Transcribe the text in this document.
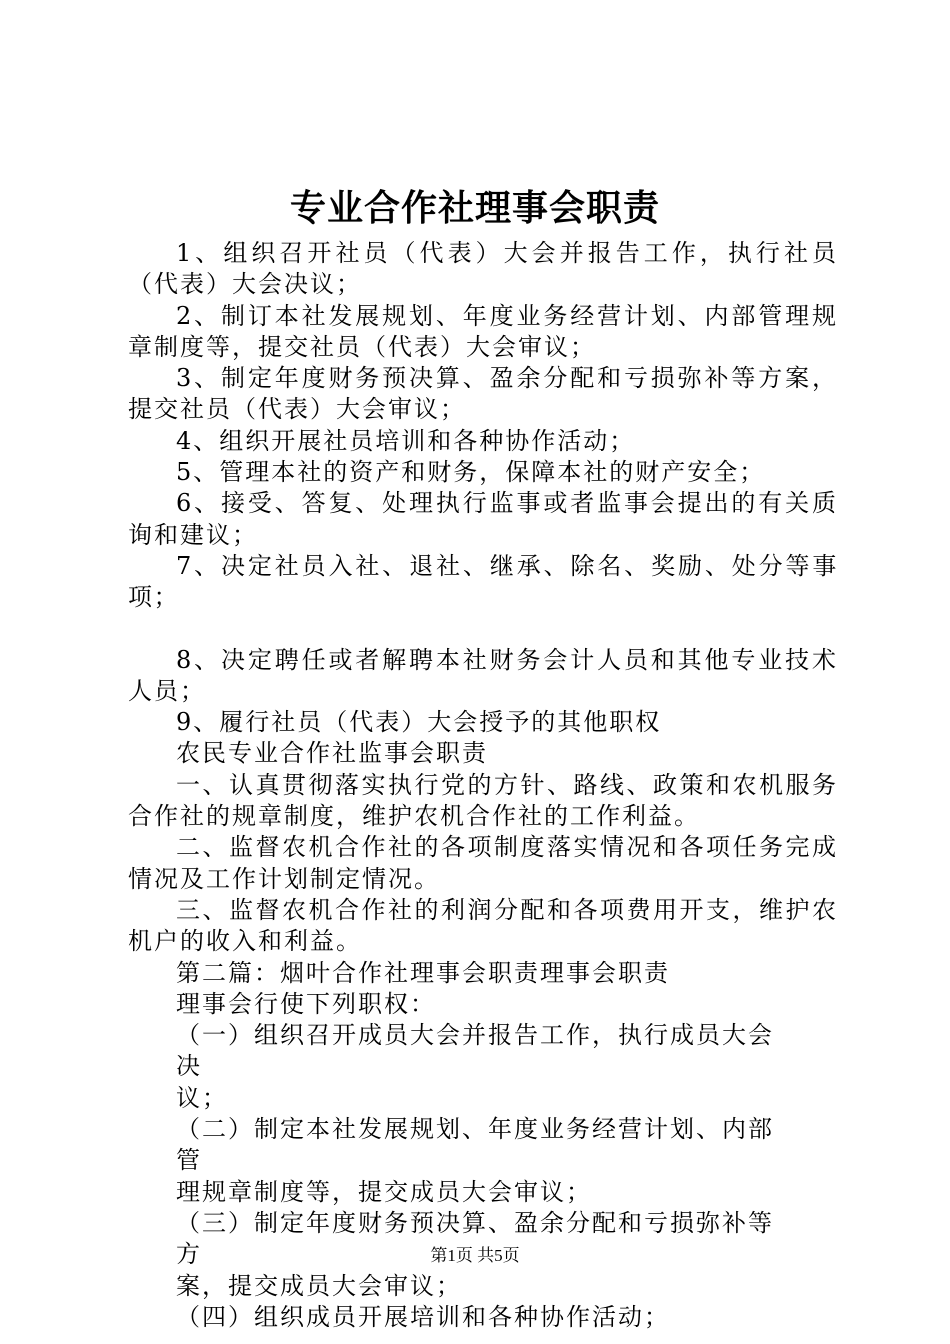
专业合作社理事会职责

1、组织召开社员（代表）大会并报告工作，执行社员（代表）大会决议；

2、制订本社发展规划、年度业务经营计划、内部管理规章制度等，提交社员（代表）大会审议；

3、制定年度财务预决算、盈余分配和亏损弥补等方案，提交社员（代表）大会审议；

4、组织开展社员培训和各种协作活动；

5、管理本社的资产和财务，保障本社的财产安全；

6、接受、答复、处理执行监事或者监事会提出的有关质询和建议；

7、决定社员入社、退社、继承、除名、奖励、处分等事项；

8、决定聘任或者解聘本社财务会计人员和其他专业技术人员；

9、履行社员（代表）大会授予的其他职权

农民专业合作社监事会职责

一、认真贯彻落实执行党的方针、路线、政策和农机服务合作社的规章制度，维护农机合作社的工作利益。

二、监督农机合作社的各项制度落实情况和各项任务完成情况及工作计划制定情况。

三、监督农机合作社的利润分配和各项费用开支，维护农机户的收入和利益。

第二篇：烟叶合作社理事会职责理事会职责

理事会行使下列职权：

（一）组织召开成员大会并报告工作，执行成员大会决
议；
（二）制定本社发展规划、年度业务经营计划、内部管
理规章制度等，提交成员大会审议；
（三）制定年度财务预决算、盈余分配和亏损弥补等方
案，提交成员大会审议；
（四）组织成员开展培训和各种协作活动；
第1页 共5页
